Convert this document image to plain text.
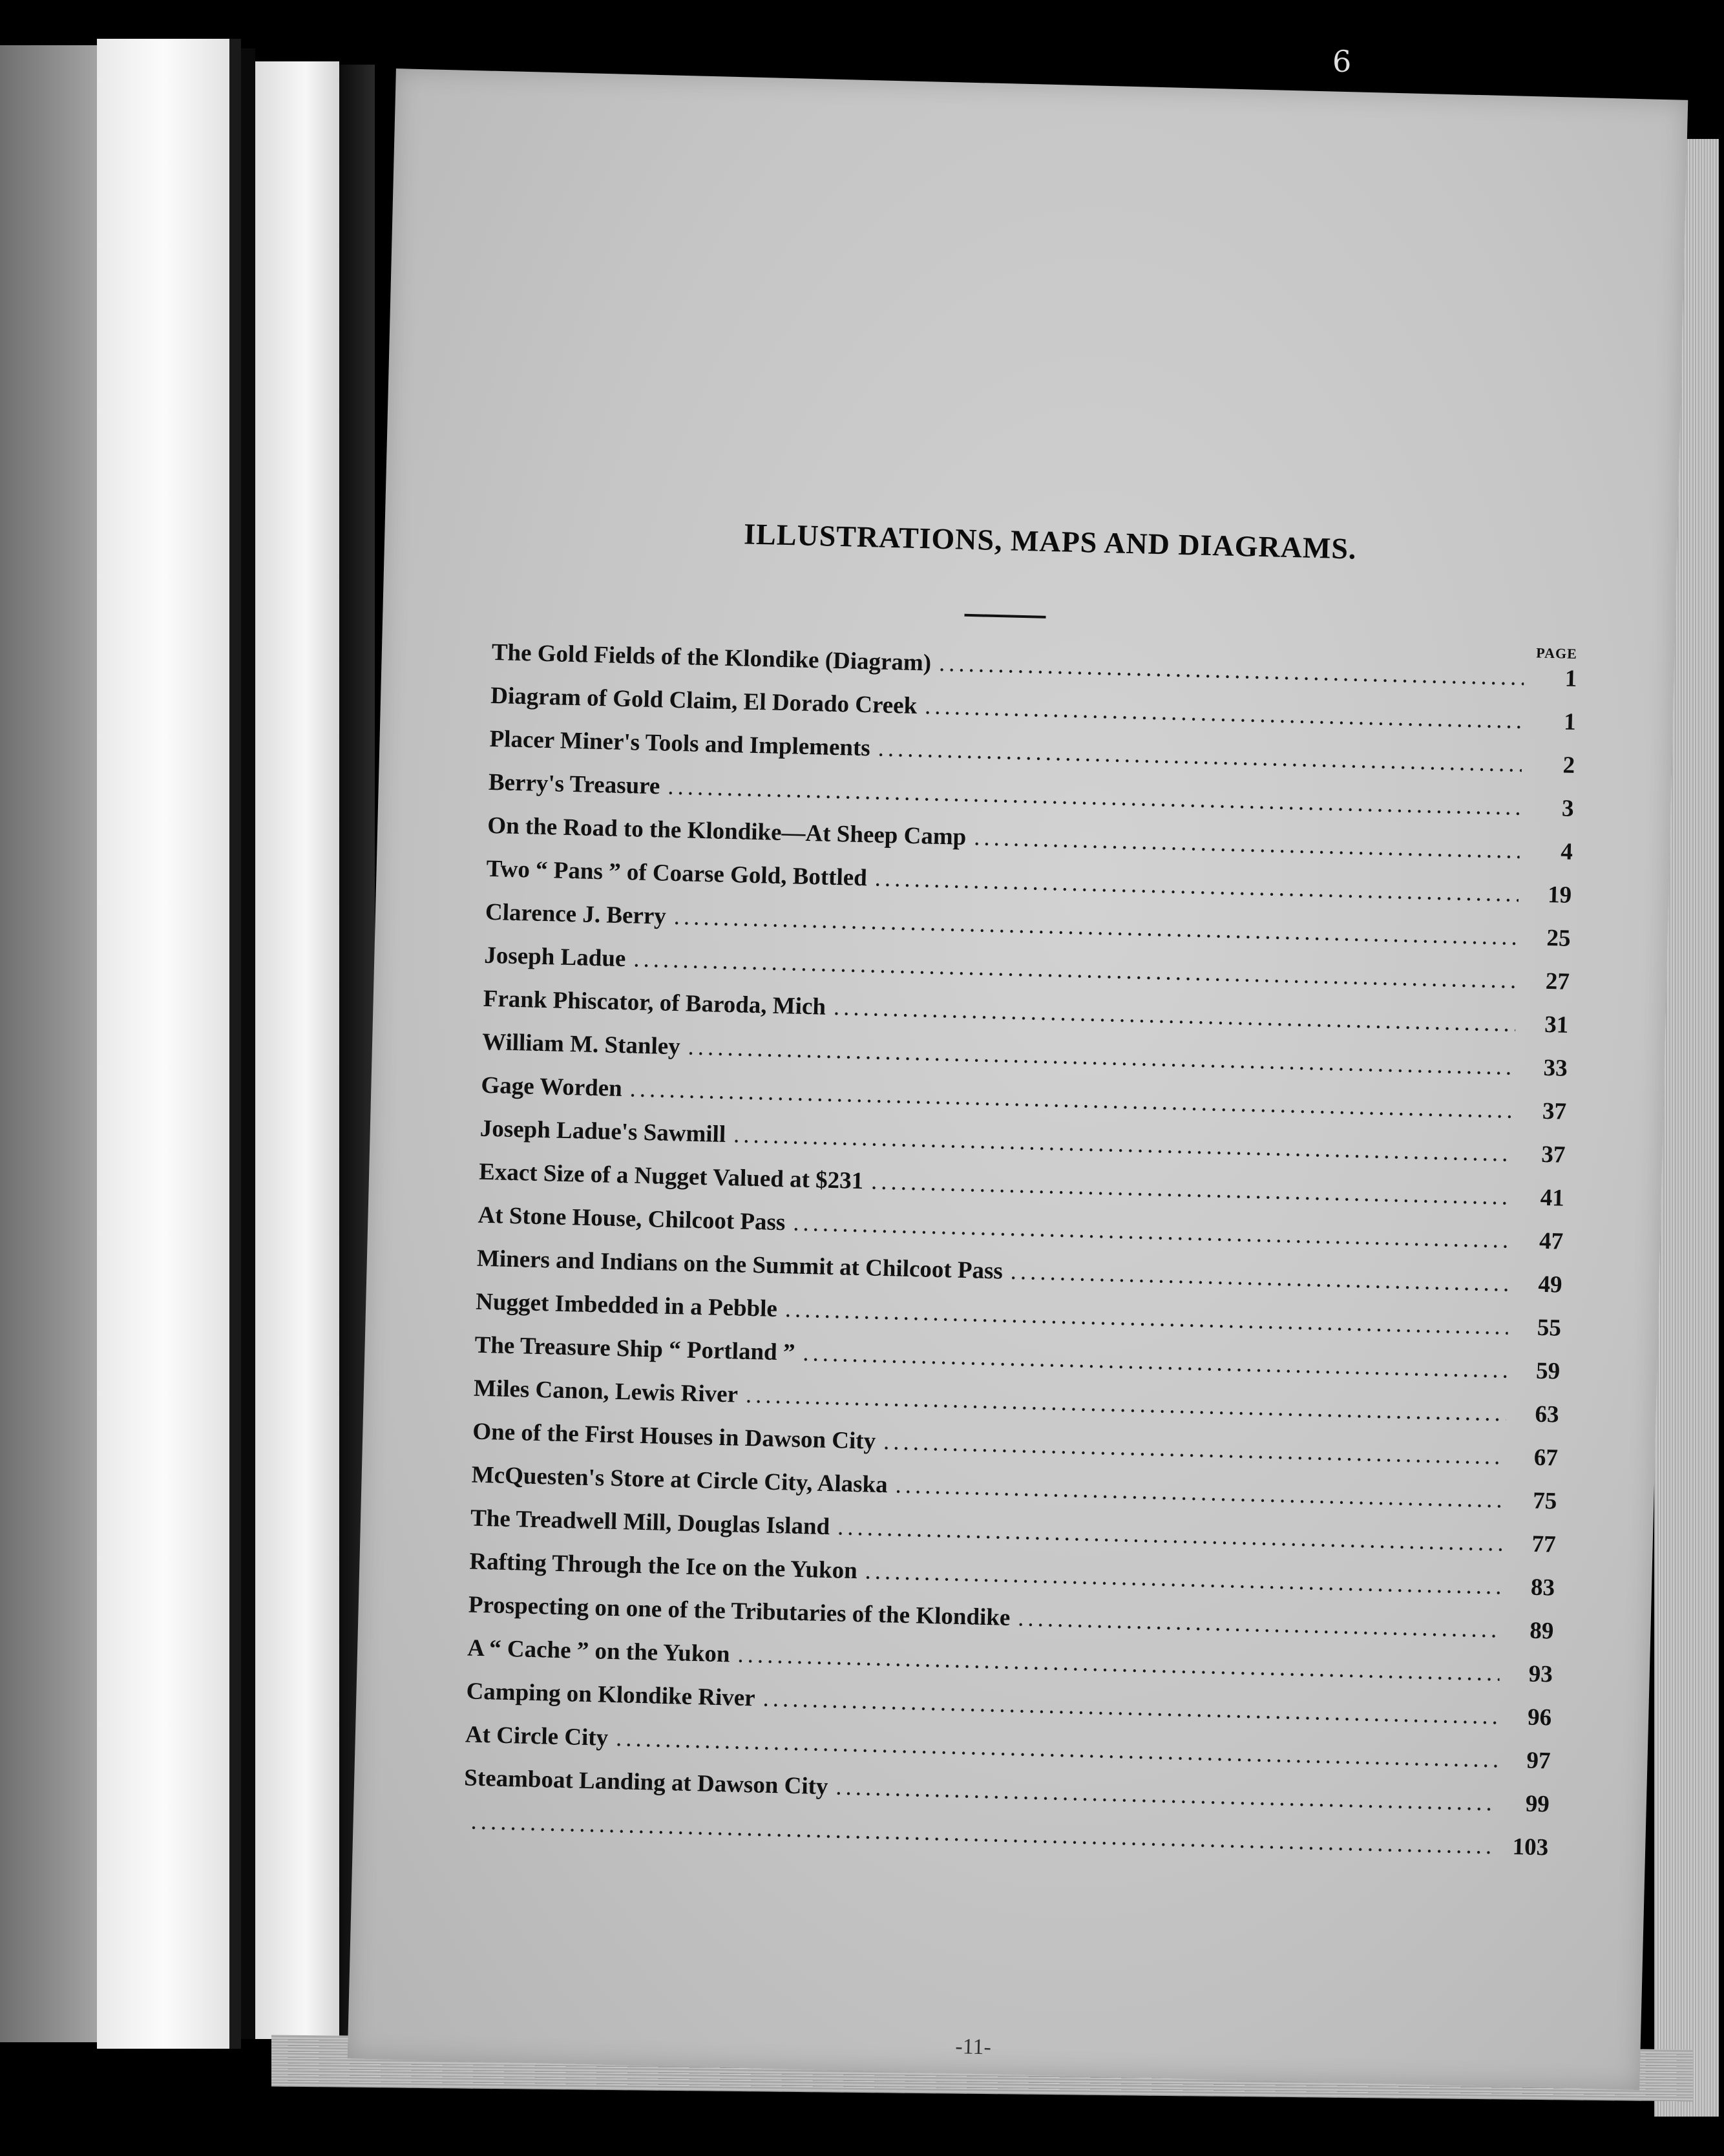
6
ILLUSTRATIONS, MAPS AND DIAGRAMS.
PAGE
The Gold Fields of the Klondike (Diagram)
.....
1
Diagram of Gold Claim, El Dorado Creek
.....
1
Placer Miner's Tools and Implements
.....
2
Berry's Treasure
.....
3
On the Road to the Klondike—At Sheep Camp
.....
4
Two “ Pans ” of Coarse Gold, Bottled
.....
19
Clarence J. Berry
.....
25
Joseph Ladue
.....
27
Frank Phiscator, of Baroda, Mich
.....
31
William M. Stanley
.....
33
Gage Worden
.....
37
Joseph Ladue's Sawmill
.....
37
Exact Size of a Nugget Valued at $231
.....
41
At Stone House, Chilcoot Pass
.....
47
Miners and Indians on the Summit at Chilcoot Pass
.....
49
Nugget Imbedded in a Pebble
.....
55
The Treasure Ship “ Portland ”
.....
59
Miles Canon, Lewis River
.....
63
One of the First Houses in Dawson City
.....
67
McQuesten's Store at Circle City, Alaska
.....
75
The Treadwell Mill, Douglas Island
.....
77
Rafting Through the Ice on the Yukon
.....
83
Prospecting on one of the Tributaries of the Klondike
.....	89
A “ Cache ” on the Yukon
.....
93
Camping on Klondike River
.....
96
At Circle City
.....
97
Steamboat Landing at Dawson City
.....
99
.....
103
-11-
